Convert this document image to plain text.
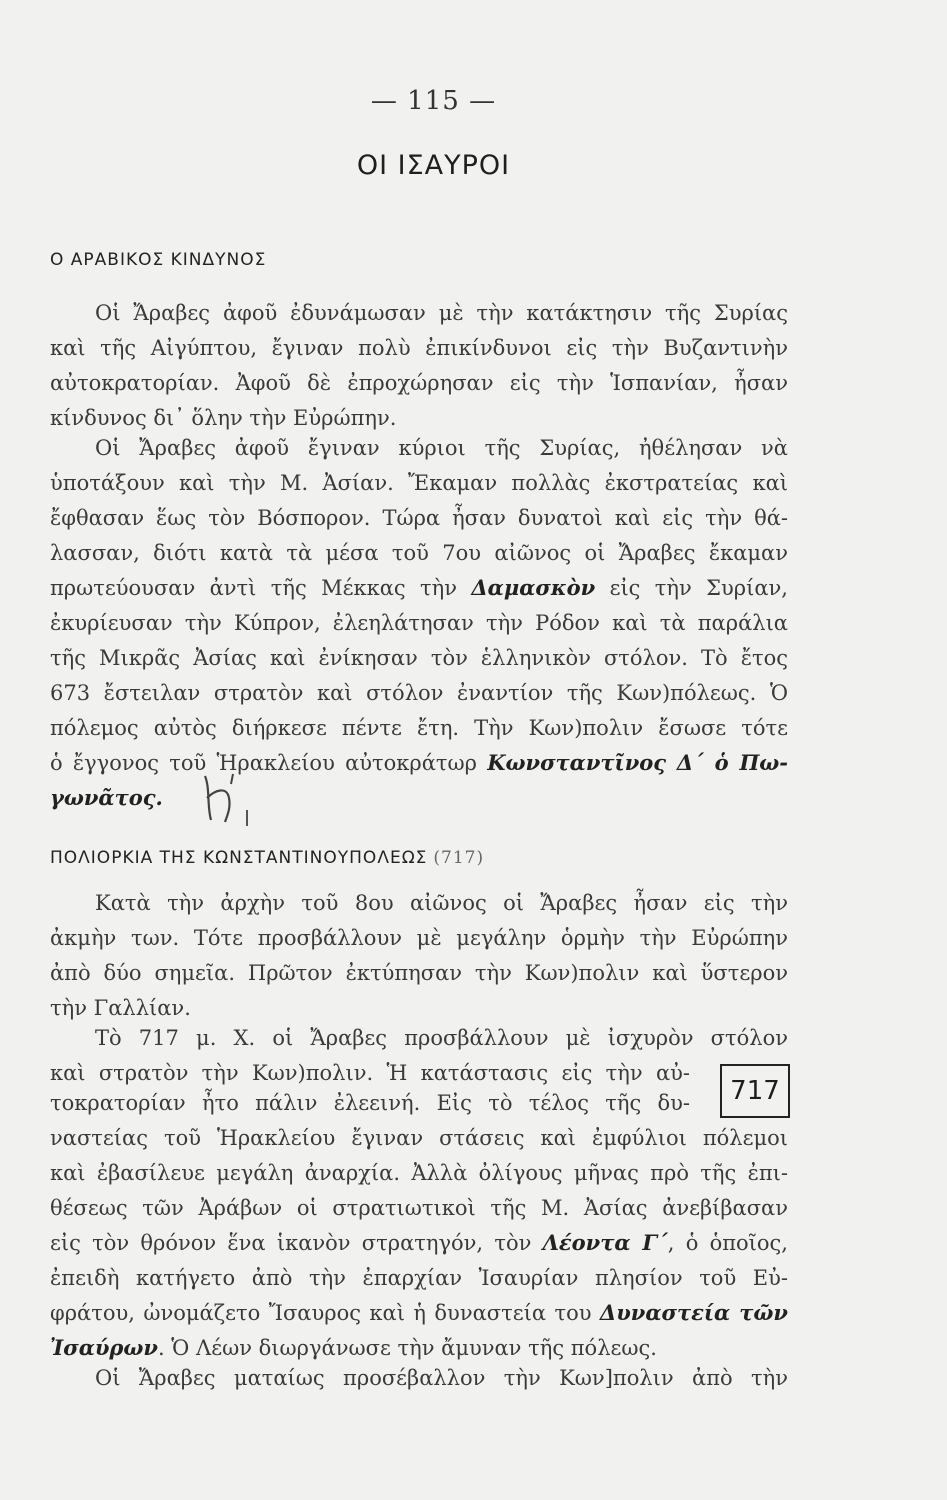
— 115 —
ΟΙ ΙΣΑΥΡΟΙ
Ο ΑΡΑΒΙΚΟΣ ΚΙΝΔΥΝΟΣ
Οἱ Ἄραβες ἀφοῦ ἐδυνάμωσαν μὲ τὴν κατάκτησιν τῆς Συρίας
καὶ τῆς Αἰγύπτου, ἔγιναν πολὺ ἐπικίνδυνοι εἰς τὴν Βυζαντινὴν
αὐτοκρατορίαν. Ἀφοῦ δὲ ἐπροχώρησαν εἰς τὴν Ἱσπανίαν, ἦσαν
κίνδυνος δι᾽ ὅλην τὴν Εὐρώπην.
Οἱ Ἄραβες ἀφοῦ ἔγιναν κύριοι τῆς Συρίας, ἠθέλησαν νὰ
ὑποτάξουν καὶ τὴν Μ. Ἀσίαν. Ἔκαμαν πολλὰς ἐκστρατείας καὶ
ἔφθασαν ἕως τὸν Βόσπορον. Τώρα ἦσαν δυνατοὶ καὶ εἰς τὴν θά-
λασσαν, διότι κατὰ τὰ μέσα τοῦ 7ου αἰῶνος οἱ Ἄραβες ἔκαμαν
πρωτεύουσαν ἀντὶ τῆς Μέκκας τὴν Δαμασκὸν εἰς τὴν Συρίαν,
ἐκυρίευσαν τὴν Κύπρον, ἐλεηλάτησαν τὴν Ρόδον καὶ τὰ παράλια
τῆς Μικρᾶς Ἀσίας καὶ ἐνίκησαν τὸν ἑλληνικὸν στόλον. Τὸ ἔτος
673 ἔστειλαν στρατὸν καὶ στόλον ἐναντίον τῆς Κων)πόλεως. Ὁ
πόλεμος αὐτὸς διήρκεσε πέντε ἔτη. Τὴν Κων)πολιν ἔσωσε τότε
ὁ ἔγγονος τοῦ Ἡρακλείου αὐτοκράτωρ Κωνσταντῖνος Δ΄ ὁ Πω-
γωνᾶτος.
ΠΟΛΙΟΡΚΙΑ ΤΗΣ ΚΩΝΣΤΑΝΤΙΝΟΥΠΟΛΕΩΣ (717)
Κατὰ τὴν ἀρχὴν τοῦ 8ου αἰῶνος οἱ Ἄραβες ἦσαν εἰς τὴν
ἀκμὴν των. Τότε προσβάλλουν μὲ μεγάλην ὁρμὴν τὴν Εὐρώπην
ἀπὸ δύο σημεῖα. Πρῶτον ἐκτύπησαν τὴν Κων)πολιν καὶ ὕστερον
τὴν Γαλλίαν.
Τὸ 717 μ. Χ. οἱ Ἄραβες προσβάλλουν μὲ ἰσχυρὸν στόλον
καὶ στρατὸν τὴν Κων)πολιν. Ἡ κατάστασις εἰς τὴν αὐ-
τοκρατορίαν ἦτο πάλιν ἐλεεινή. Εἰς τὸ τέλος τῆς δυ-	717
ναστείας τοῦ Ἡρακλείου ἔγιναν στάσεις καὶ ἐμφύλιοι πόλεμοι
καὶ ἐβασίλευε μεγάλη ἀναρχία. Ἀλλὰ ὀλίγους μῆνας πρὸ τῆς ἐπι-
θέσεως τῶν Ἀράβων οἱ στρατιωτικοὶ τῆς Μ. Ἀσίας ἀνεβίβασαν
εἰς τὸν θρόνον ἕνα ἱκανὸν στρατηγόν, τὸν Λέοντα Γ΄, ὁ ὁποῖος,
ἐπειδὴ κατήγετο ἀπὸ τὴν ἐπαρχίαν Ἰσαυρίαν πλησίον τοῦ Εὐ-
φράτου, ὠνομάζετο Ἴσαυρος καὶ ἡ δυναστεία του Δυναστεία τῶν
Ἰσαύρων. Ὁ Λέων διωργάνωσε τὴν ἄμυναν τῆς πόλεως.
Οἱ Ἄραβες ματαίως προσέβαλλον τὴν Κων]πολιν ἀπὸ τὴν
